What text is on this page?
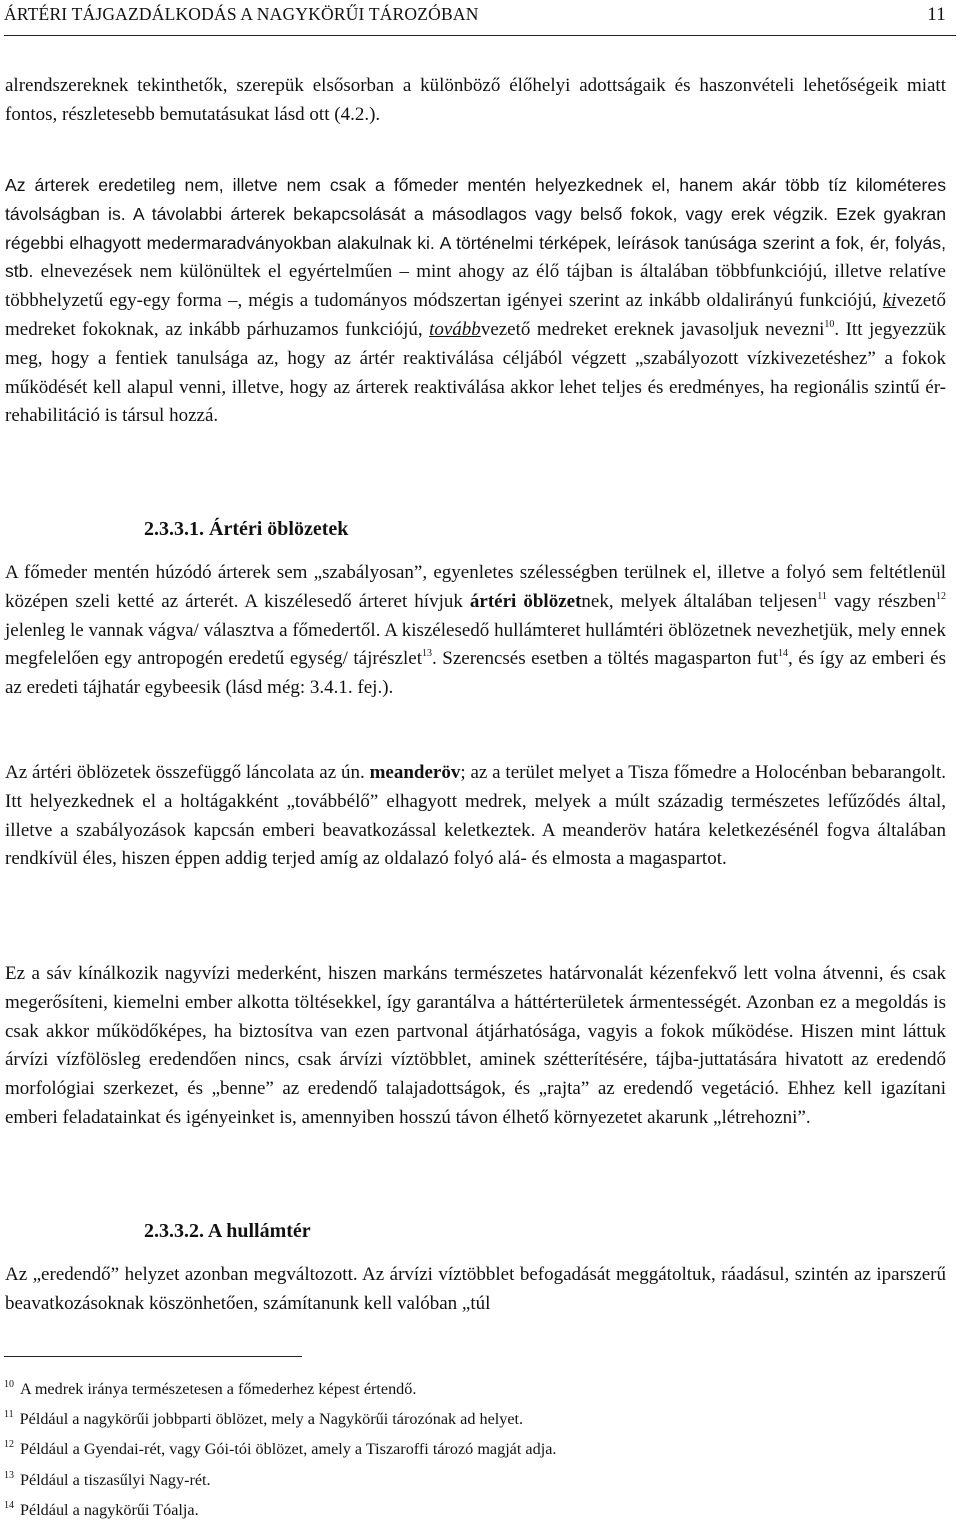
ÁRTÉRI TÁJGAZDÁLKODÁS A NAGYKÖRŰI TÁROZÓBAN	11

alrendszereknek tekinthetők, szerepük elsősorban a különböző élőhelyi adottságaik és haszonvételi lehetőségeik miatt fontos, részletesebb bemutatásukat lásd ott (4.2.).

Az árterek eredetileg nem, illetve nem csak a főmeder mentén helyezkednek el, hanem akár több tíz kilométeres távolságban is. A távolabbi árterek bekapcsolását a másodlagos vagy belső fokok, vagy erek végzik. Ezek gyakran régebbi elhagyott medermaradványokban alakulnak ki. A történelmi térképek, leírások tanúsága szerint a fok, ér, folyás, stb. elnevezések nem különültek el egyértelműen – mint ahogy az élő tájban is általában többfunkciójú, illetve relatíve többhelyzetű egy-egy forma –, mégis a tudományos módszertan igényei szerint az inkább oldalirányú funkciójú, kivezető medreket fokoknak, az inkább párhuzamos funkciójú, továbbvezető medreket ereknek javasoljuk nevezni$^{10}$. Itt jegyezzük meg, hogy a fentiek tanulsága az, hogy az ártér reaktiválása céljából végzett „szabályozott vízkivezetéshez” a fokok működését kell alapul venni, illetve, hogy az árterek reaktiválása akkor lehet teljes és eredményes, ha regionális szintű ér-rehabilitáció is társul hozzá.
2.3.3.1. Ártéri öblözetek
A főmeder mentén húzódó árterek sem „szabályosan”, egyenletes szélességben terülnek el, illetve a folyó sem feltétlenül középen szeli ketté az árterét. A kiszélesedő árteret hívjuk ártéri öblözetnek, melyek általában teljesen$^{11}$ vagy részben$^{12}$ jelenleg le vannak vágva/ választva a főmedertől. A kiszélesedő hullámteret hullámtéri öblözetnek nevezhetjük, mely ennek megfelelően egy antropogén eredetű egység/ tájrészlet$^{13}$. Szerencsés esetben a töltés magasparton fut$^{14}$, és így az emberi és az eredeti tájhatár egybeesik (lásd még: 3.4.1. fej.).
Az ártéri öblözetek összefüggő láncolata az ún. meanderöv; az a terület melyet a Tisza főmedre a Holocénban bebarangolt. Itt helyezkednek el a holtágakként „továbbélő” elhagyott medrek, melyek a múlt századig természetes lefűződés által, illetve a szabályozások kapcsán emberi beavatkozással keletkeztek. A meanderöv határa keletkezésénél fogva általában rendkívül éles, hiszen éppen addig terjed amíg az oldalazó folyó alá- és elmosta a magaspartot.

Ez a sáv kínálkozik nagyvízi mederként, hiszen markáns természetes határvonalát kézenfekvő lett volna átvenni, és csak megerősíteni, kiemelni ember alkotta töltésekkel, így garantálva a háttérterületek ármentességét. Azonban ez a megoldás is csak akkor működőképes, ha biztosítva van ezen partvonal átjárhatósága, vagyis a fokok működése. Hiszen mint láttuk árvízi vízfölösleg eredendően nincs, csak árvízi víztöbblet, aminek szétterítésére, tájba-juttatására hivatott az eredendő morfológiai szerkezet, és „benne” az eredendő talajadottságok, és „rajta” az eredendő vegetáció. Ehhez kell igazítani emberi feladatainkat és igényeinket is, amennyiben hosszú távon élhető környezetet akarunk „létrehozni”.

2.3.3.2. A hullámtér

Az „eredendő” helyzet azonban megváltozott. Az árvízi víztöbblet befogadását meggátoltuk, ráadásul, szintén az iparszerű beavatkozásoknak köszönhetően, számítanunk kell valóban „túl

$^{10}$ A medrek iránya természetesen a főmederhez képest értendő.
$^{11}$ Például a nagykörűi jobbparti öblözet, mely a Nagykörűi tározónak ad helyet.
$^{12}$ Például a Gyendai-rét, vagy Gói-tói öblözet, amely a Tiszaroffi tározó magját adja.
$^{13}$ Például a tiszasűlyi Nagy-rét.
$^{14}$ Például a nagykörűi Tóalja.
